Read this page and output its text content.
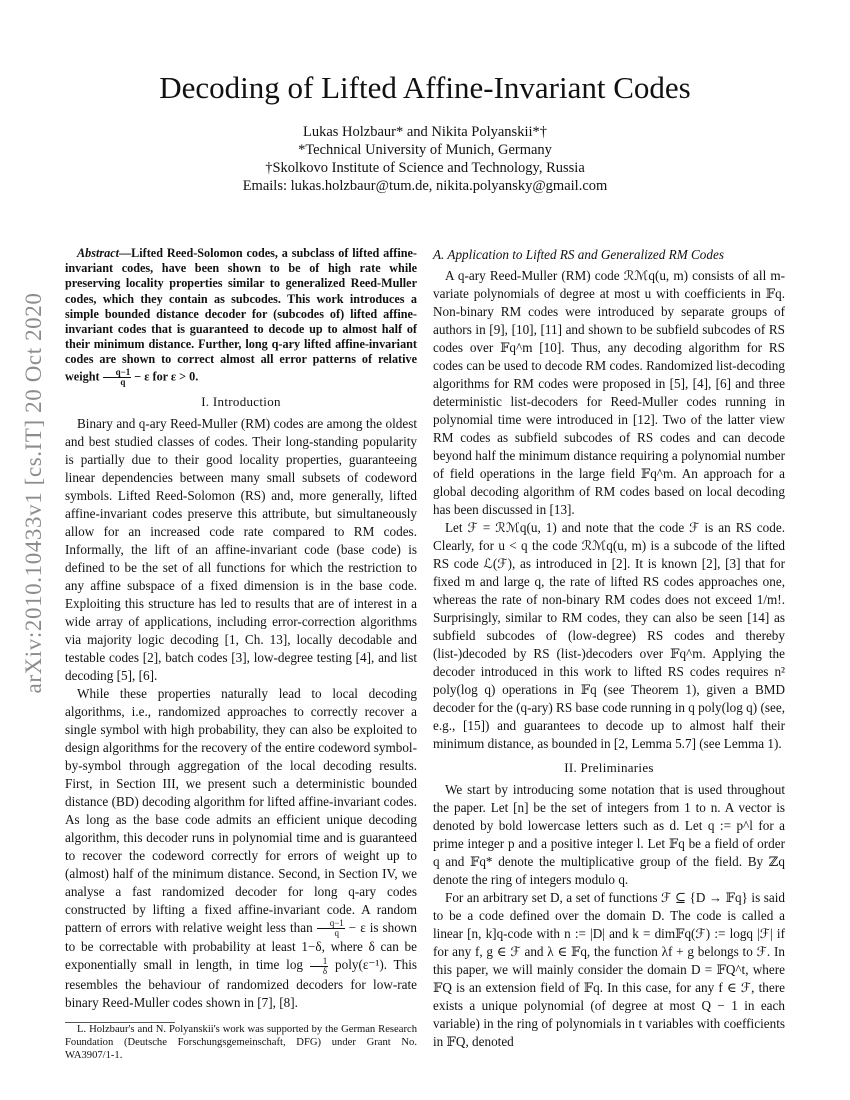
arXiv:2010.10433v1 [cs.IT] 20 Oct 2020
Decoding of Lifted Affine-Invariant Codes
Lukas Holzbaur* and Nikita Polyanskii*†
*Technical University of Munich, Germany
†Skolkovo Institute of Science and Technology, Russia
Emails: lukas.holzbaur@tum.de, nikita.polyansky@gmail.com

Abstract—Lifted Reed-Solomon codes, a subclass of lifted affine-invariant codes, have been shown to be of high rate while preserving locality properties similar to generalized Reed-Muller codes, which they contain as subcodes. This work introduces a simple bounded distance decoder for (subcodes of) lifted affine-invariant codes that is guaranteed to decode up to almost half of their minimum distance. Further, long q-ary lifted affine-invariant codes are shown to correct almost all error patterns of relative weight $\frac{q-1}{q} - \varepsilon$ for ε > 0.

I. Introduction

Binary and q-ary Reed-Muller (RM) codes are among the oldest and best studied classes of codes. Their long-standing popularity is partially due to their good locality properties, guaranteeing linear dependencies between many small subsets of codeword symbols. Lifted Reed-Solomon (RS) and, more generally, lifted affine-invariant codes preserve this attribute, but simultaneously allow for an increased code rate compared to RM codes. Informally, the lift of an affine-invariant code (base code) is defined to be the set of all functions for which the restriction to any affine subspace of a fixed dimension is in the base code. Exploiting this structure has led to results that are of interest in a wide array of applications, including error-correction algorithms via majority logic decoding [1, Ch. 13], locally decodable and testable codes [2], batch codes [3], low-degree testing [4], and list decoding [5], [6].

While these properties naturally lead to local decoding algorithms, i.e., randomized approaches to correctly recover a single symbol with high probability, they can also be exploited to design algorithms for the recovery of the entire codeword symbol-by-symbol through aggregation of the local decoding results. First, in Section III, we present such a deterministic bounded distance (BD) decoding algorithm for lifted affine-invariant codes. As long as the base code admits an efficient unique decoding algorithm, this decoder runs in polynomial time and is guaranteed to recover the codeword correctly for errors of weight up to (almost) half of the minimum distance. Second, in Section IV, we analyse a fast randomized decoder for long q-ary codes constructed by lifting a fixed affine-invariant code. A random pattern of errors with relative weight less than $\frac{q-1}{q} - \varepsilon$ is shown to be correctable with probability at least 1−δ, where δ can be exponentially small in length, in time $\log \frac{1}{\delta}$ poly(ε⁻¹). This resembles the behaviour of randomized decoders for low-rate binary Reed-Muller codes shown in [7], [8].

L. Holzbaur's and N. Polyanskii's work was supported by the German Research Foundation (Deutsche Forschungsgemeinschaft, DFG) under Grant No. WA3907/1-1.

A. Application to Lifted RS and Generalized RM Codes

A q-ary Reed-Muller (RM) code ℛℳq(u, m) consists of all m-variate polynomials of degree at most u with coefficients in 𝔽q. Non-binary RM codes were introduced by separate groups of authors in [9], [10], [11] and shown to be subfield subcodes of RS codes over 𝔽q^m [10]. Thus, any decoding algorithm for RS codes can be used to decode RM codes. Randomized list-decoding algorithms for RM codes were proposed in [5], [4], [6] and three deterministic list-decoders for Reed-Muller codes running in polynomial time were introduced in [12]. Two of the latter view RM codes as subfield subcodes of RS codes and can decode beyond half the minimum distance requiring a polynomial number of field operations in the large field 𝔽q^m. An approach for a global decoding algorithm of RM codes based on local decoding has been discussed in [13].

Let ℱ = ℛℳq(u, 1) and note that the code ℱ is an RS code. Clearly, for u < q the code ℛℳq(u, m) is a subcode of the lifted RS code ℒ(ℱ), as introduced in [2]. It is known [2], [3] that for fixed m and large q, the rate of lifted RS codes approaches one, whereas the rate of non-binary RM codes does not exceed 1/m!. Surprisingly, similar to RM codes, they can also be seen [14] as subfield subcodes of (low-degree) RS codes and thereby (list-)decoded by RS (list-)decoders over 𝔽q^m. Applying the decoder introduced in this work to lifted RS codes requires n² poly(log q) operations in 𝔽q (see Theorem 1), given a BMD decoder for the (q-ary) RS base code running in q poly(log q) (see, e.g., [15]) and guarantees to decode up to almost half their minimum distance, as bounded in [2, Lemma 5.7] (see Lemma 1).

II. Preliminaries

We start by introducing some notation that is used throughout the paper. Let [n] be the set of integers from 1 to n. A vector is denoted by bold lowercase letters such as d. Let q := p^l for a prime integer p and a positive integer l. Let 𝔽q be a field of order q and 𝔽q* denote the multiplicative group of the field. By ℤq denote the ring of integers modulo q.

For an arbitrary set D, a set of functions ℱ ⊆ {D → 𝔽q} is said to be a code defined over the domain D. The code is called a linear [n, k]q-code with n := |D| and k = dim𝔽q(ℱ) := logq |ℱ| if for any f, g ∈ ℱ and λ ∈ 𝔽q, the function λf + g belongs to ℱ. In this paper, we will mainly consider the domain D = 𝔽Q^t, where 𝔽Q is an extension field of 𝔽q. In this case, for any f ∈ ℱ, there exists a unique polynomial (of degree at most Q − 1 in each variable) in the ring of polynomials in t variables with coefficients in 𝔽Q, denoted
